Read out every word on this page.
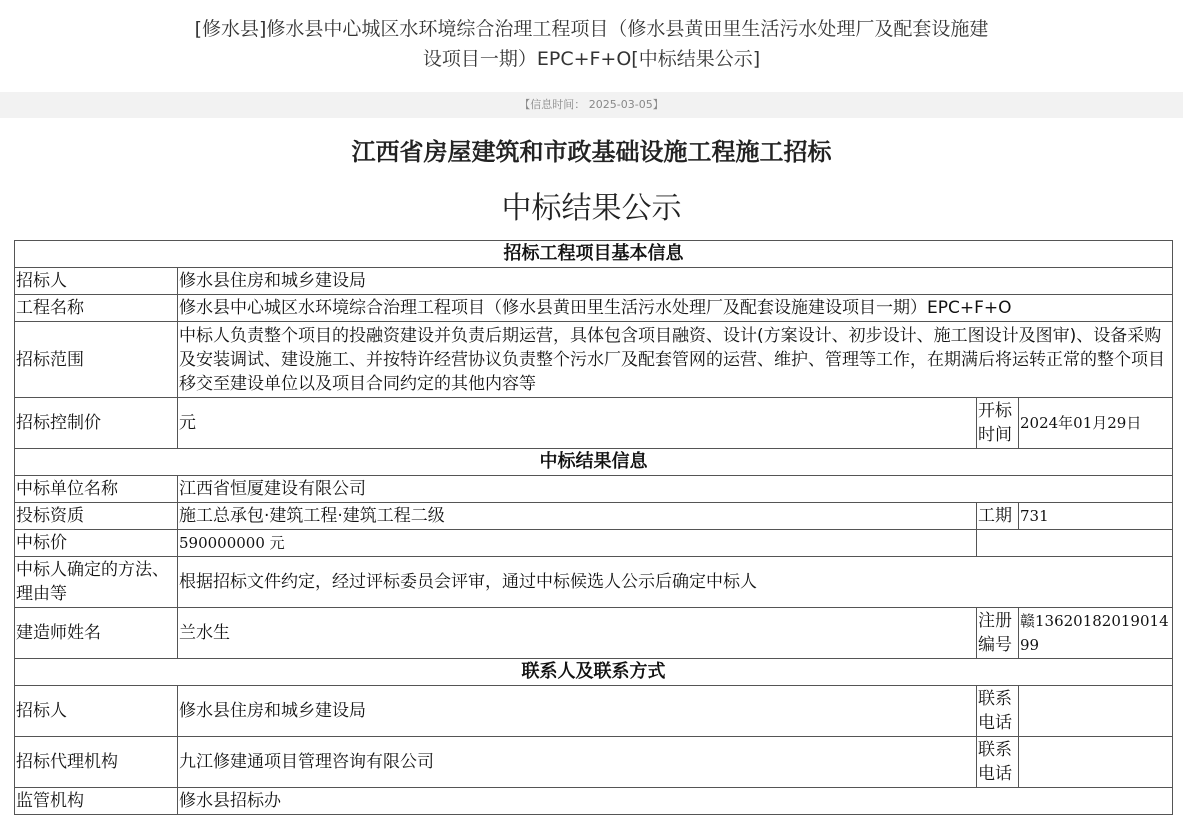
[修水县]修水县中心城区水环境综合治理工程项目（修水县黄田里生活污水处理厂及配套设施建
设项目一期）EPC+F+O[中标结果公示]
【信息时间： 2025-03-05】
江西省房屋建筑和市政基础设施工程施工招标
中标结果公示
招标工程项目基本信息			
招标人	修水县住房和城乡建设局		
工程名称	修水县中心城区水环境综合治理工程项目（修水县黄田里生活污水处理厂及配套设施建设项目一期）EPC+F+O		
招标范围	中标人负责整个项目的投融资建设并负责后期运营，具体包含项目融资、设计(方案设计、初步设计、施工图设计及图审)、设备采购及安装调试、建设施工、并按特许经营协议负责整个污水厂及配套管网的运营、维护、管理等工作，在期满后将运转正常的整个项目移交至建设单位以及项目合同约定的其他内容等		
招标控制价	元	开标时间	2024年01月29日
中标结果信息			
中标单位名称	江西省恒厦建设有限公司		
投标资质	施工总承包·建筑工程·建筑工程二级	工期	731
中标价	590000000 元		
中标人确定的方法、理由等	根据招标文件约定，经过评标委员会评审，通过中标候选人公示后确定中标人		
建造师姓名	兰水生	注册编号	赣1362018201901499
联系人及联系方式			
招标人	修水县住房和城乡建设局	联系电话	
招标代理机构	九江修建通项目管理咨询有限公司	联系电话	
监管机构	修水县招标办		
